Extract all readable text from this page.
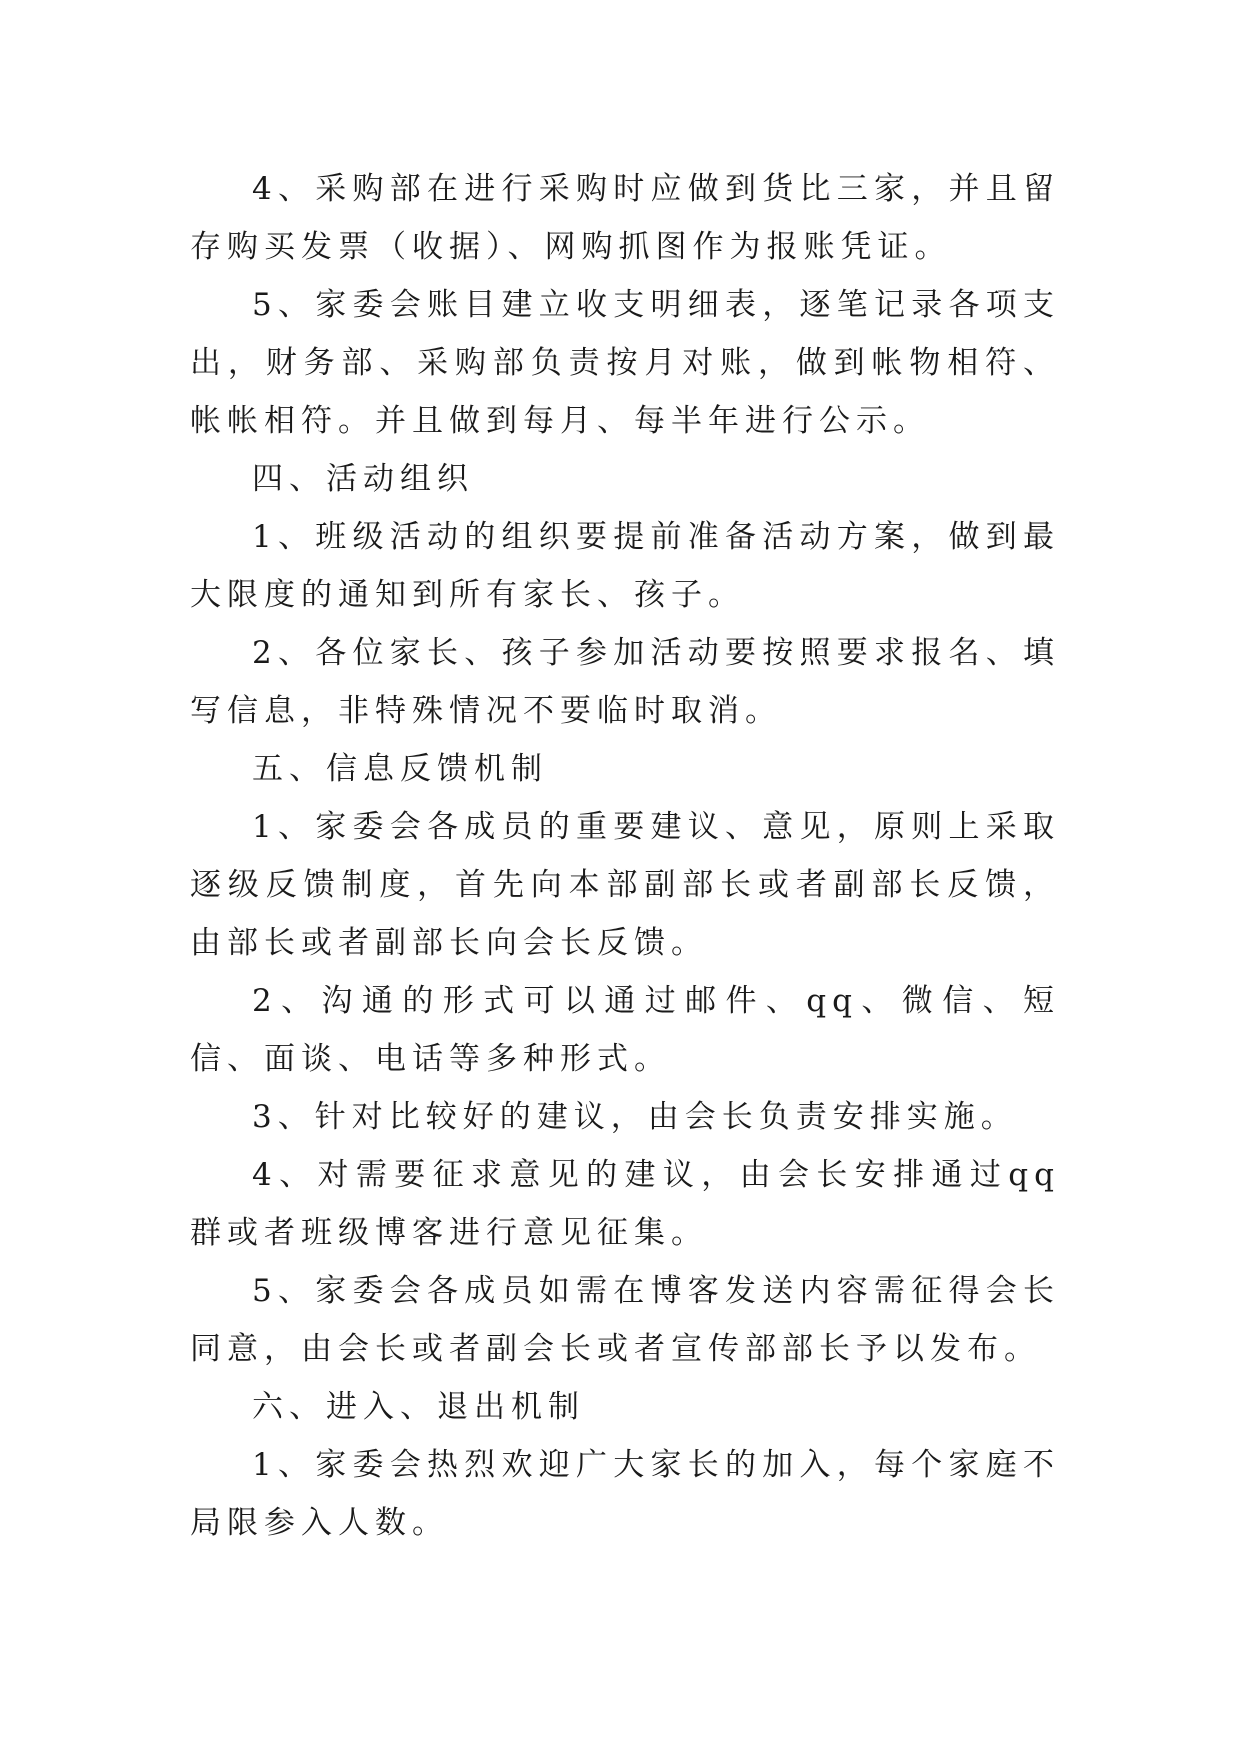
4、采购部在进行采购时应做到货比三家，并且留存购买发票（收据）、网购抓图作为报账凭证。

5、家委会账目建立收支明细表，逐笔记录各项支出，财务部、采购部负责按月对账，做到帐物相符、帐帐相符。并且做到每月、每半年进行公示。

四、活动组织

1、班级活动的组织要提前准备活动方案，做到最大限度的通知到所有家长、孩子。

2、各位家长、孩子参加活动要按照要求报名、填写信息，非特殊情况不要临时取消。

五、信息反馈机制

1、家委会各成员的重要建议、意见，原则上采取逐级反馈制度，首先向本部副部长或者副部长反馈，由部长或者副部长向会长反馈。

2、沟通的形式可以通过邮件、qq、微信、短信、面谈、电话等多种形式。

3、针对比较好的建议，由会长负责安排实施。

4、对需要征求意见的建议，由会长安排通过qq群或者班级博客进行意见征集。

5、家委会各成员如需在博客发送内容需征得会长同意，由会长或者副会长或者宣传部部长予以发布。

六、进入、退出机制

1、家委会热烈欢迎广大家长的加入，每个家庭不局限参入人数。
